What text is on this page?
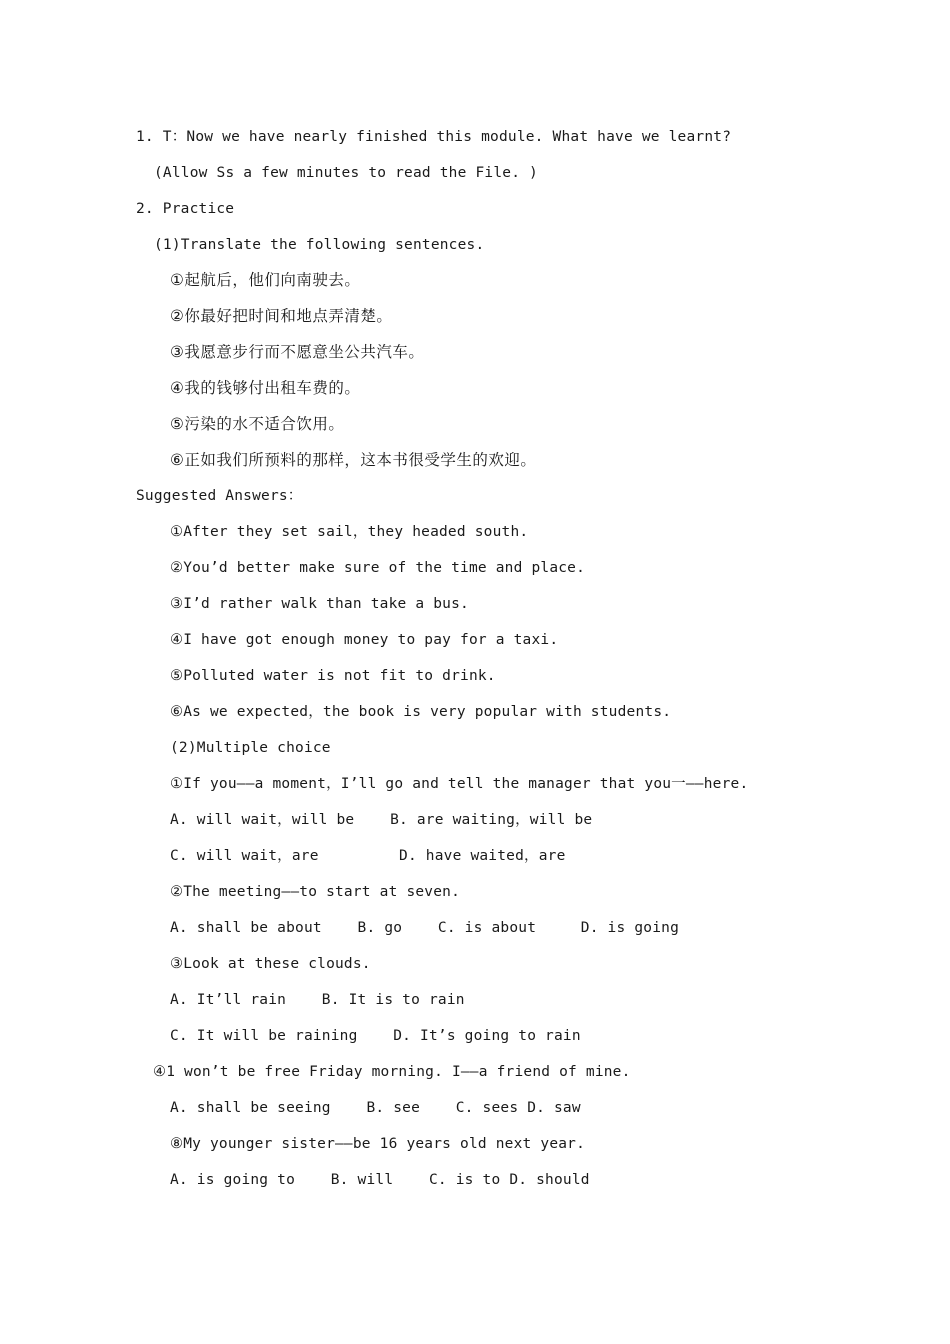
1. T：Now we have nearly finished this module. What have we learnt?
(Allow Ss a few minutes to read the File. )
2. Practice
(1)Translate the following sentences.
①起航后，他们向南驶去。
②你最好把时间和地点弄清楚。
③我愿意步行而不愿意坐公共汽车。
④我的钱够付出租车费的。
⑤污染的水不适合饮用。
⑥正如我们所预料的那样，这本书很受学生的欢迎。
Suggested Answers：
①After they set sail，they headed south.
②You’d better make sure of the time and place.
③I’d rather walk than take a bus.
④I have got enough money to pay for a taxi.
⑤Polluted water is not fit to drink.
⑥As we expected，the book is very popular with students.
(2)Multiple choice
①If you——a moment，I’ll go and tell the manager that you一——here.
A. will wait，will be    B. are waiting，will be
C. will wait，are         D. have waited，are
②The meeting——to start at seven.
A. shall be about    B. go    C. is about     D. is going
③Look at these clouds.
A. It’ll rain    B. It is to rain
C. It will be raining    D. It’s going to rain
④1 won’t be free Friday morning. I——a friend of mine.
A. shall be seeing    B. see    C. sees D. saw
⑧My younger sister——be 16 years old next year.
A. is going to    B. will    C. is to D. should
